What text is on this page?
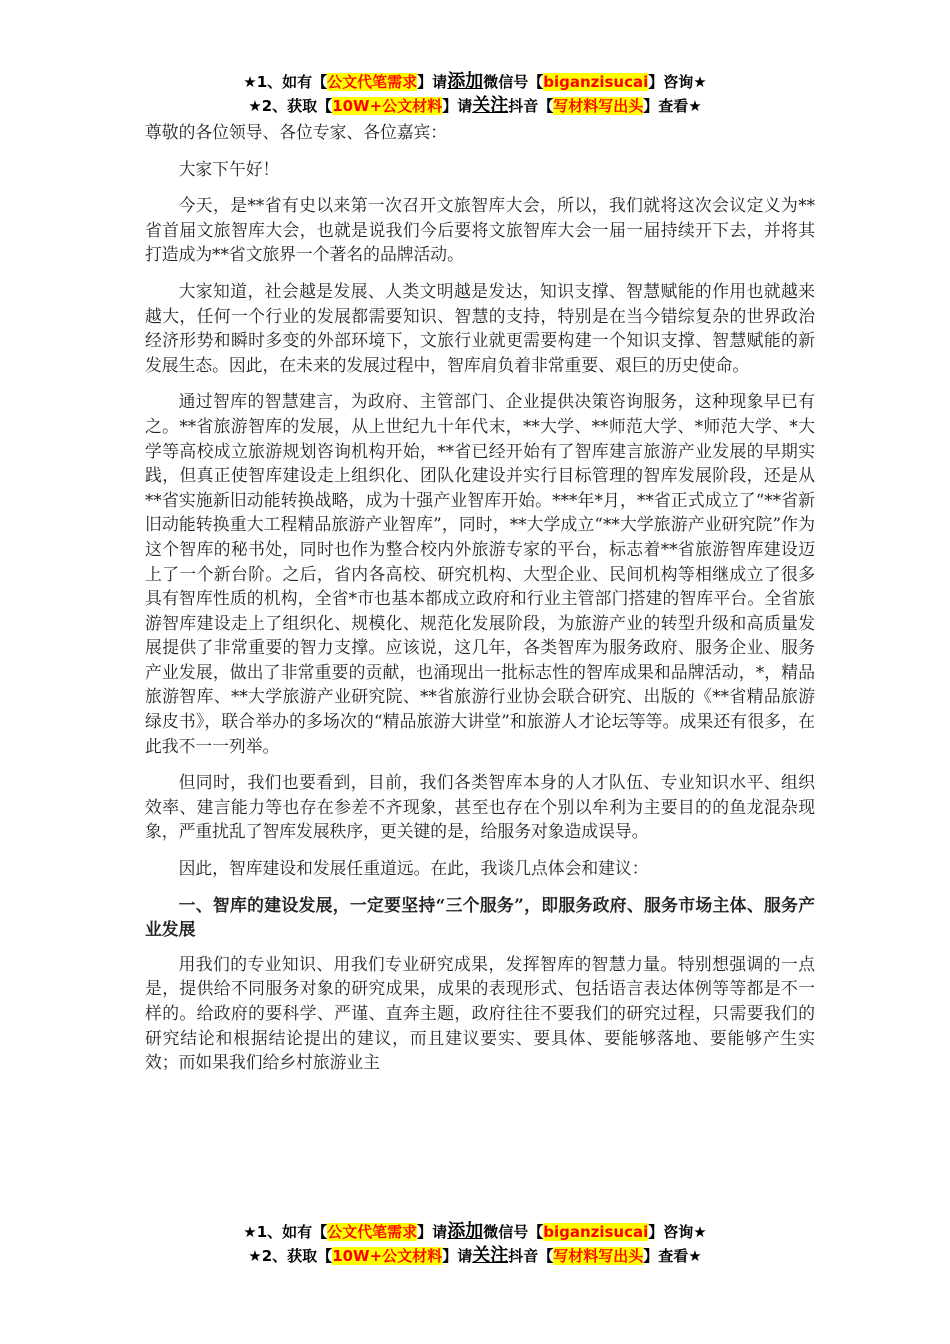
★1、如有【公文代笔需求】请添加微信号【biganzisucai】咨询★
★2、获取【10W+公文材料】请关注抖音【写材料写出头】查看★

尊敬的各位领导、各位专家、各位嘉宾：

大家下午好！

今天，是**省有史以来第一次召开文旅智库大会，所以，我们就将这次会议定义为**省首届文旅智库大会，也就是说我们今后要将文旅智库大会一届一届持续开下去，并将其打造成为**省文旅界一个著名的品牌活动。

大家知道，社会越是发展、人类文明越是发达，知识支撑、智慧赋能的作用也就越来越大，任何一个行业的发展都需要知识、智慧的支持，特别是在当今错综复杂的世界政治经济形势和瞬时多变的外部环境下，文旅行业就更需要构建一个知识支撑、智慧赋能的新发展生态。因此，在未来的发展过程中，智库肩负着非常重要、艰巨的历史使命。

通过智库的智慧建言，为政府、主管部门、企业提供决策咨询服务，这种现象早已有之。**省旅游智库的发展，从上世纪九十年代末，**大学、**师范大学、*师范大学、*大学等高校成立旅游规划咨询机构开始，**省已经开始有了智库建言旅游产业发展的早期实践，但真正使智库建设走上组织化、团队化建设并实行目标管理的智库发展阶段，还是从**省实施新旧动能转换战略，成为十强产业智库开始。***年*月，**省正式成立了“**省新旧动能转换重大工程精品旅游产业智库”，同时，**大学成立“**大学旅游产业研究院”作为这个智库的秘书处，同时也作为整合校内外旅游专家的平台，标志着**省旅游智库建设迈上了一个新台阶。之后，省内各高校、研究机构、大型企业、民间机构等相继成立了很多具有智库性质的机构，全省*市也基本都成立政府和行业主管部门搭建的智库平台。全省旅游智库建设走上了组织化、规模化、规范化发展阶段，为旅游产业的转型升级和高质量发展提供了非常重要的智力支撑。应该说，这几年，各类智库为服务政府、服务企业、服务产业发展，做出了非常重要的贡献，也涌现出一批标志性的智库成果和品牌活动，*，精品旅游智库、**大学旅游产业研究院、**省旅游行业协会联合研究、出版的《**省精品旅游绿皮书》，联合举办的多场次的“精品旅游大讲堂”和旅游人才论坛等等。成果还有很多，在此我不一一列举。

但同时，我们也要看到，目前，我们各类智库本身的人才队伍、专业知识水平、组织效率、建言能力等也存在参差不齐现象，甚至也存在个别以牟利为主要目的的鱼龙混杂现象，严重扰乱了智库发展秩序，更关键的是，给服务对象造成误导。

因此，智库建设和发展任重道远。在此，我谈几点体会和建议：

一、智库的建设发展，一定要坚持“三个服务”，即服务政府、服务市场主体、服务产业发展

用我们的专业知识、用我们专业研究成果，发挥智库的智慧力量。特别想强调的一点是，提供给不同服务对象的研究成果，成果的表现形式、包括语言表达体例等等都是不一样的。给政府的要科学、严谨、直奔主题，政府往往不要我们的研究过程，只需要我们的研究结论和根据结论提出的建议，而且建议要实、要具体、要能够落地、要能够产生实效；而如果我们给乡村旅游业主

★1、如有【公文代笔需求】请添加微信号【biganzisucai】咨询★
★2、获取【10W+公文材料】请关注抖音【写材料写出头】查看★
